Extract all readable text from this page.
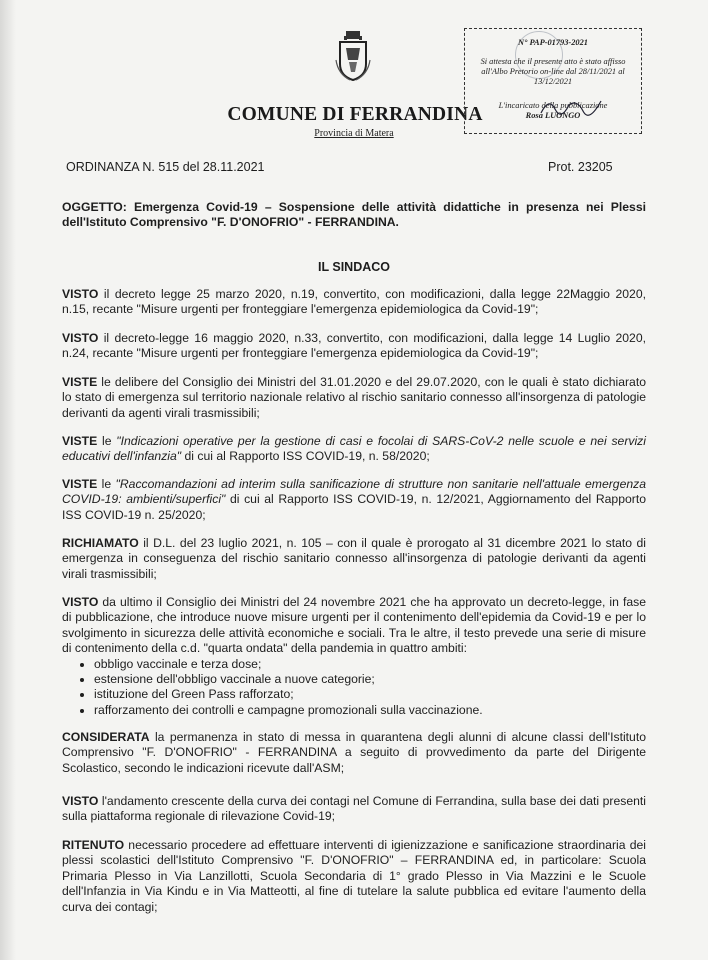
COMUNE DI FERRANDINA
Provincia di Matera
N° PAP-01793-2021
Si attesta che il presente atto è stato affisso all'Albo Pretorio on-line dal 28/11/2021 al 13/12/2021
L'incaricato della pubblicazione
Rosa LUONGO
ORDINANZA N. 515 del 28.11.2021	Prot. 23205
OGGETTO: Emergenza Covid-19 – Sospensione delle attività didattiche in presenza nei Plessi dell'Istituto Comprensivo "F. D'ONOFRIO" - FERRANDINA.
IL SINDACO
VISTO il decreto legge 25 marzo 2020, n.19, convertito, con modificazioni, dalla legge 22Maggio 2020, n.15, recante "Misure urgenti per fronteggiare l'emergenza epidemiologica da Covid-19";
VISTO il decreto-legge 16 maggio 2020, n.33, convertito, con modificazioni, dalla legge 14 Luglio 2020, n.24, recante "Misure urgenti per fronteggiare l'emergenza epidemiologica da Covid-19";
VISTE le delibere del Consiglio dei Ministri del 31.01.2020 e del 29.07.2020, con le quali è stato dichiarato lo stato di emergenza sul territorio nazionale relativo al rischio sanitario connesso all'insorgenza di patologie derivanti da agenti virali trasmissibili;
VISTE le "Indicazioni operative per la gestione di casi e focolai di SARS-CoV-2 nelle scuole e nei servizi educativi dell'infanzia" di cui al Rapporto ISS COVID-19, n. 58/2020;
VISTE le "Raccomandazioni ad interim sulla sanificazione di strutture non sanitarie nell'attuale emergenza COVID-19: ambienti/superfici" di cui al Rapporto ISS COVID-19, n. 12/2021, Aggiornamento del Rapporto ISS COVID-19 n. 25/2020;
RICHIAMATO il D.L. del 23 luglio 2021, n. 105 – con il quale è prorogato al 31 dicembre 2021 lo stato di emergenza in conseguenza del rischio sanitario connesso all'insorgenza di patologie derivanti da agenti virali trasmissibili;
VISTO da ultimo il Consiglio dei Ministri del 24 novembre 2021 che ha approvato un decreto-legge, in fase di pubblicazione, che introduce nuove misure urgenti per il contenimento dell'epidemia da Covid-19 e per lo svolgimento in sicurezza delle attività economiche e sociali. Tra le altre, il testo prevede una serie di misure di contenimento della c.d. "quarta ondata" della pandemia in quattro ambiti:
• obbligo vaccinale e terza dose;
• estensione dell'obbligo vaccinale a nuove categorie;
• istituzione del Green Pass rafforzato;
• rafforzamento dei controlli e campagne promozionali sulla vaccinazione.
CONSIDERATA la permanenza in stato di messa in quarantena degli alunni di alcune classi dell'Istituto Comprensivo "F. D'ONOFRIO" - FERRANDINA a seguito di provvedimento da parte del Dirigente Scolastico, secondo le indicazioni ricevute dall'ASM;
VISTO l'andamento crescente della curva dei contagi nel Comune di Ferrandina, sulla base dei dati presenti sulla piattaforma regionale di rilevazione Covid-19;
RITENUTO necessario procedere ad effettuare interventi di igienizzazione e sanificazione straordinaria dei plessi scolastici dell'Istituto Comprensivo "F. D'ONOFRIO" – FERRANDINA ed, in particolare: Scuola Primaria Plesso in Via Lanzillotti, Scuola Secondaria di 1° grado Plesso in Via Mazzini e le Scuole dell'Infanzia in Via Kindu e in Via Matteotti, al fine di tutelare la salute pubblica ed evitare l'aumento della curva dei contagi;
